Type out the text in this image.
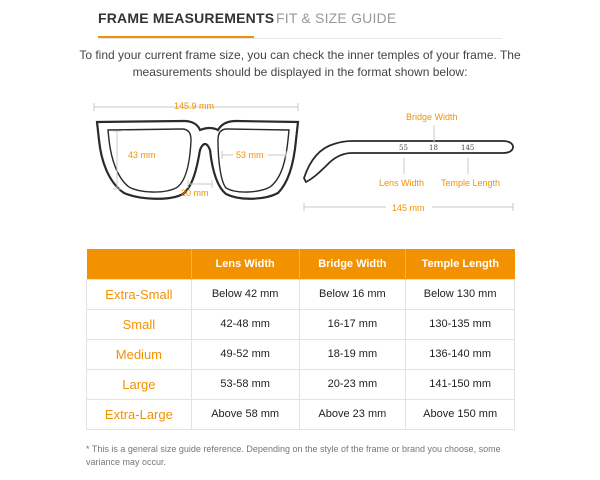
FRAME MEASUREMENTS FIT & SIZE GUIDE

To find your current frame size, you can check the inner temples of your frame. The measurements should be displayed in the format shown below:

145.9 mm
43 mm	53 mm
20 mm
Bridge Width
55	18	145
Lens Width Temple Length
145 mm
	Lens Width	Bridge Width	Temple Length
Extra-Small	Below 42 mm	Below 16 mm	Below 130 mm
Small	42-48 mm	16-17 mm	130-135 mm
Medium	49-52 mm	18-19 mm	136-140 mm
Large	53-58 mm	20-23 mm	141-150 mm
Extra-Large	Above 58 mm	Above 23 mm	Above 150 mm

* This is a general size guide reference. Depending on the style of the frame or brand you choose, some variance may occur.
